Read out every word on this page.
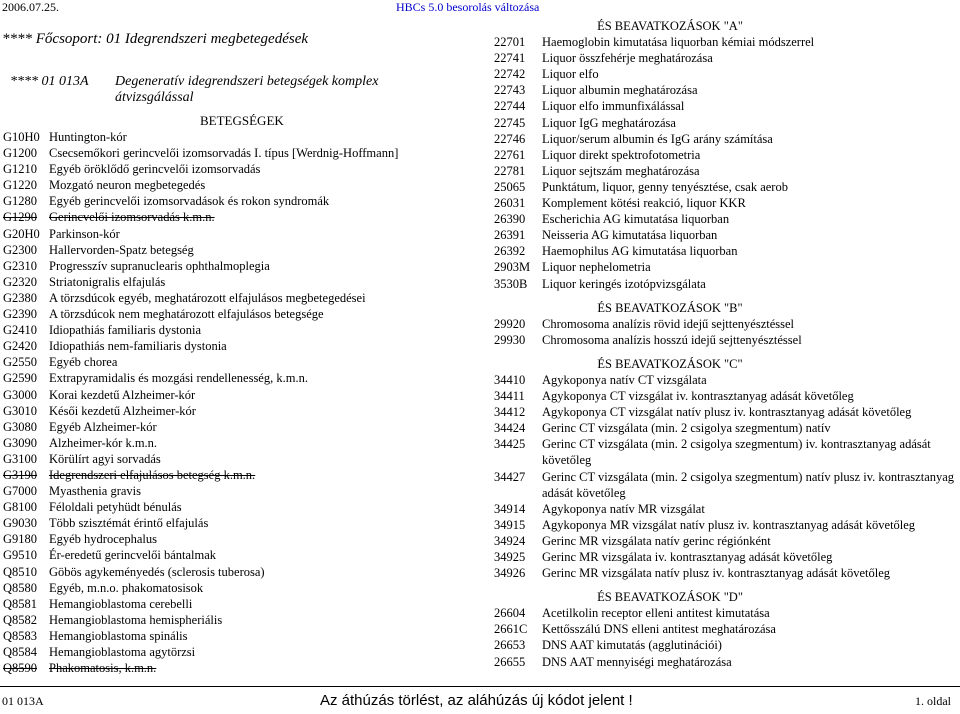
2006.07.25.	HBCs 5.0 besorolás változása
**** Főcsoport: 01 Idegrendszeri megbetegedések
**** 01 013A Degeneratív idegrendszeri betegségek komplex átvizsgálással
BETEGSÉGEK
G10H0 Huntington-kór
G1200 Csecsemőkori gerincvelői izomsorvadás I. típus [Werdnig-Hoffmann]
G1210 Egyéb öröklődő gerincvelői izomsorvadás
G1220 Mozgató neuron megbetegedés
G1280 Egyéb gerincvelői izomsorvadások és rokon syndromák
G1290 Gerincvelői izomsorvadás k.m.n.
G20H0 Parkinson-kór
G2300 Hallervorden-Spatz betegség
G2310 Progresszív supranuclearis ophthalmoplegia
G2320 Striatonigralis elfajulás
G2380 A törzsdúcok egyéb, meghatározott elfajulásos megbetegedései
G2390 A törzsdúcok nem meghatározott elfajulásos betegsége
G2410 Idiopathiás familiaris dystonia
G2420 Idiopathiás nem-familiaris dystonia
G2550 Egyéb chorea
G2590 Extrapyramidalis és mozgási rendellenesség, k.m.n.
G3000 Korai kezdetű Alzheimer-kór
G3010 Késői kezdetű Alzheimer-kór
G3080 Egyéb Alzheimer-kór
G3090 Alzheimer-kór k.m.n.
G3100 Körülírt agyi sorvadás
G3190 Idegrendszeri elfajulásos betegség k.m.n.
G7000 Myasthenia gravis
G8100 Féloldali petyhüdt bénulás
G9030 Több szisztémát érintő elfajulás
G9180 Egyéb hydrocephalus
G9510 Ér-eredetű gerincvelői bántalmak
Q8510 Göbös agykeményedés (sclerosis tuberosa)
Q8580 Egyéb, m.n.o. phakomatosisok
Q8581 Hemangioblastoma cerebelli
Q8582 Hemangioblastoma hemispheriális
Q8583 Hemangioblastoma spinális
Q8584 Hemangioblastoma agytörzsi
Q8590 Phakomatosis, k.m.n.
ÉS BEAVATKOZÁSOK "A"
22701	Haemoglobin kimutatása liquorban kémiai módszerrel
22741	Liquor összfehérje meghatározása
22742	Liquor elfo
22743	Liquor albumin meghatározása
22744	Liquor elfo immunfixálással
22745	Liquor IgG meghatározása
22746	Liquor/serum albumin és IgG arány számítása
22761	Liquor direkt spektrofotometria
22781	Liquor sejtszám meghatározása
25065	Punktátum, liquor, genny tenyésztése, csak aerob
26031	Komplement kötési reakció, liquor KKR
26390	Escherichia AG kimutatása liquorban
26391	Neisseria AG kimutatása liquorban
26392	Haemophilus AG kimutatása liquorban
2903M Liquor nephelometria
3530B	Liquor keringés izotópvizsgálata
ÉS BEAVATKOZÁSOK "B"
29920	Chromosoma analízis rövid idejű sejttenyésztéssel
29930	Chromosoma analízis hosszú idejű sejttenyésztéssel
ÉS BEAVATKOZÁSOK "C"
34410	Agykoponya natív CT vizsgálata
34411	Agykoponya CT vizsgálat iv. kontrasztanyag adását követőleg
34412	Agykoponya CT vizsgálat natív plusz iv. kontrasztanyag adását követőleg
34424	Gerinc CT vizsgálata (min. 2 csigolya szegmentum) natív
34425	Gerinc CT vizsgálata (min. 2 csigolya szegmentum) iv. kontrasztanyag adását követőleg
34427	Gerinc CT vizsgálata (min. 2 csigolya szegmentum) natív plusz iv. kontrasztanyag adását követőleg
34914	Agykoponya natív MR vizsgálat
34915	Agykoponya MR vizsgálat natív plusz iv. kontrasztanyag adását követőleg
34924	Gerinc MR vizsgálata natív gerinc régiónként
34925	Gerinc MR vizsgálata iv. kontrasztanyag adását követőleg
34926	Gerinc MR vizsgálata natív plusz iv. kontrasztanyag adását követőleg
ÉS BEAVATKOZÁSOK "D"
26604	Acetilkolin receptor elleni antitest kimutatása
2661C	Kettősszálú DNS elleni antitest meghatározása
26653	DNS AAT kimutatás (agglutinációi)
26655	DNS AAT mennyiségi meghatározása
01 013A	Az áthúzás törlést, az aláhúzás új kódot jelent !	1. oldal
